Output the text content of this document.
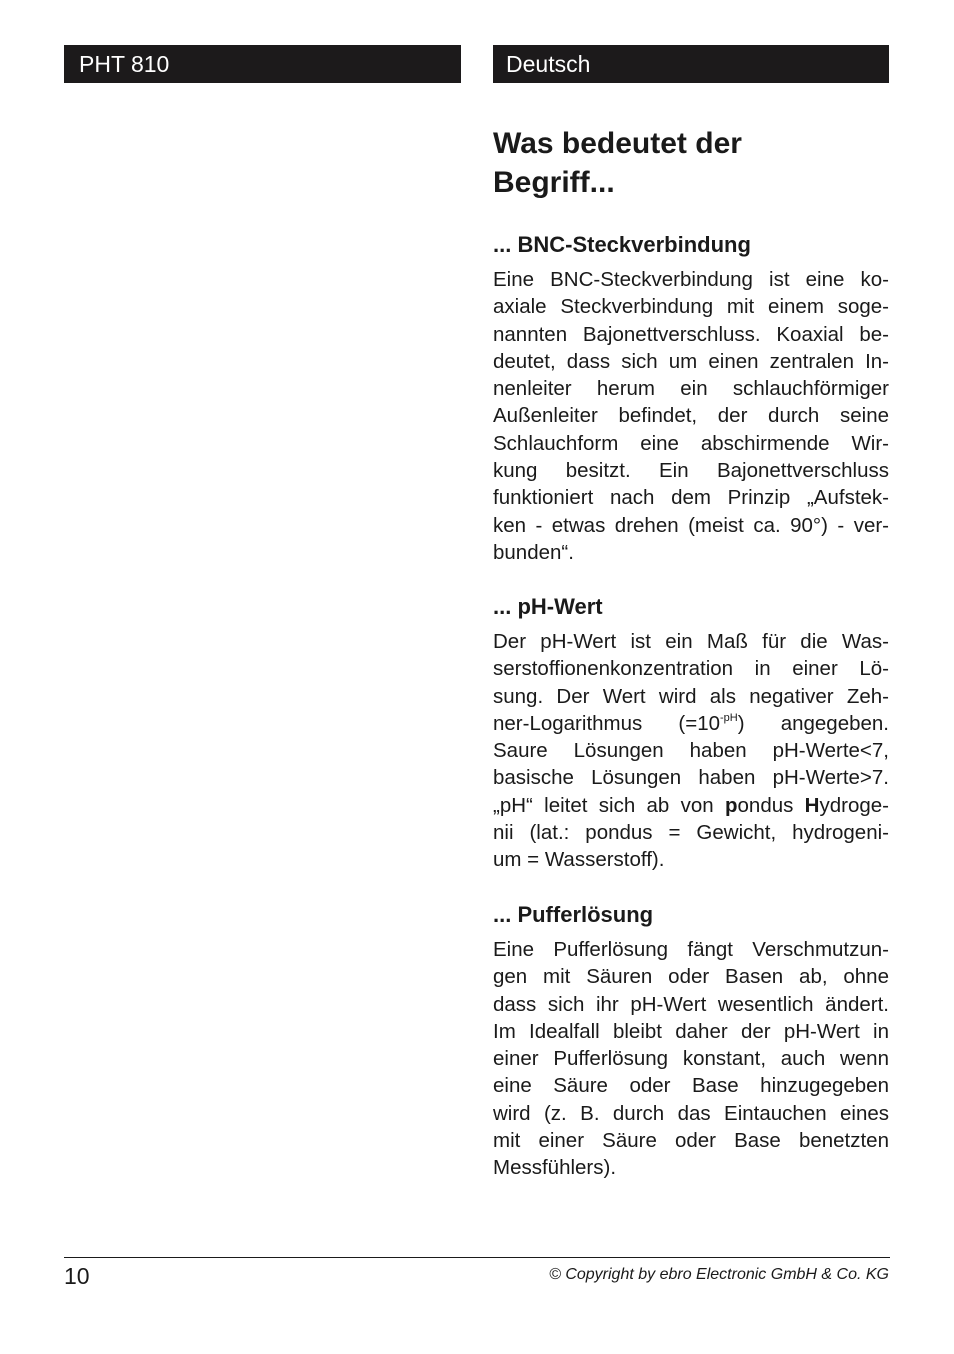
PHT 810	Deutsch
Was bedeutet der
Begriff...
... BNC-Steckverbindung
Eine BNC-Steckverbindung ist eine ko-
axiale Steckverbindung mit einem soge-
nannten Bajonettverschluss. Koaxial be-
deutet, dass sich um einen zentralen In-
nenleiter herum ein schlauchförmiger
Außenleiter befindet, der durch seine
Schlauchform eine abschirmende Wir-
kung besitzt. Ein Bajonettverschluss
funktioniert nach dem Prinzip „Aufstek-
ken - etwas drehen (meist ca. 90°) - ver-
bunden“.
... pH-Wert
Der pH-Wert ist ein Maß für die Was-
serstoffionenkonzentration in einer Lö-
sung. Der Wert wird als negativer Zeh-
ner-Logarithmus $(=10^{-pH})$ angegeben.
Saure Lösungen haben pH-Werte<7,
basische Lösungen haben pH-Werte>7.
„pH“ leitet sich ab von pondus Hydroge-
nii (lat.: pondus = Gewicht, hydrogeni-
um = Wasserstoff).
... Pufferlösung
Eine Pufferlösung fängt Verschmutzun-
gen mit Säuren oder Basen ab, ohne
dass sich ihr pH-Wert wesentlich ändert.
Im Idealfall bleibt daher der pH-Wert in
einer Pufferlösung konstant, auch wenn
eine Säure oder Base hinzugegeben
wird (z. B. durch das Eintauchen eines
mit einer Säure oder Base benetzten
Messfühlers).
10	© Copyright by ebro Electronic GmbH & Co. KG
